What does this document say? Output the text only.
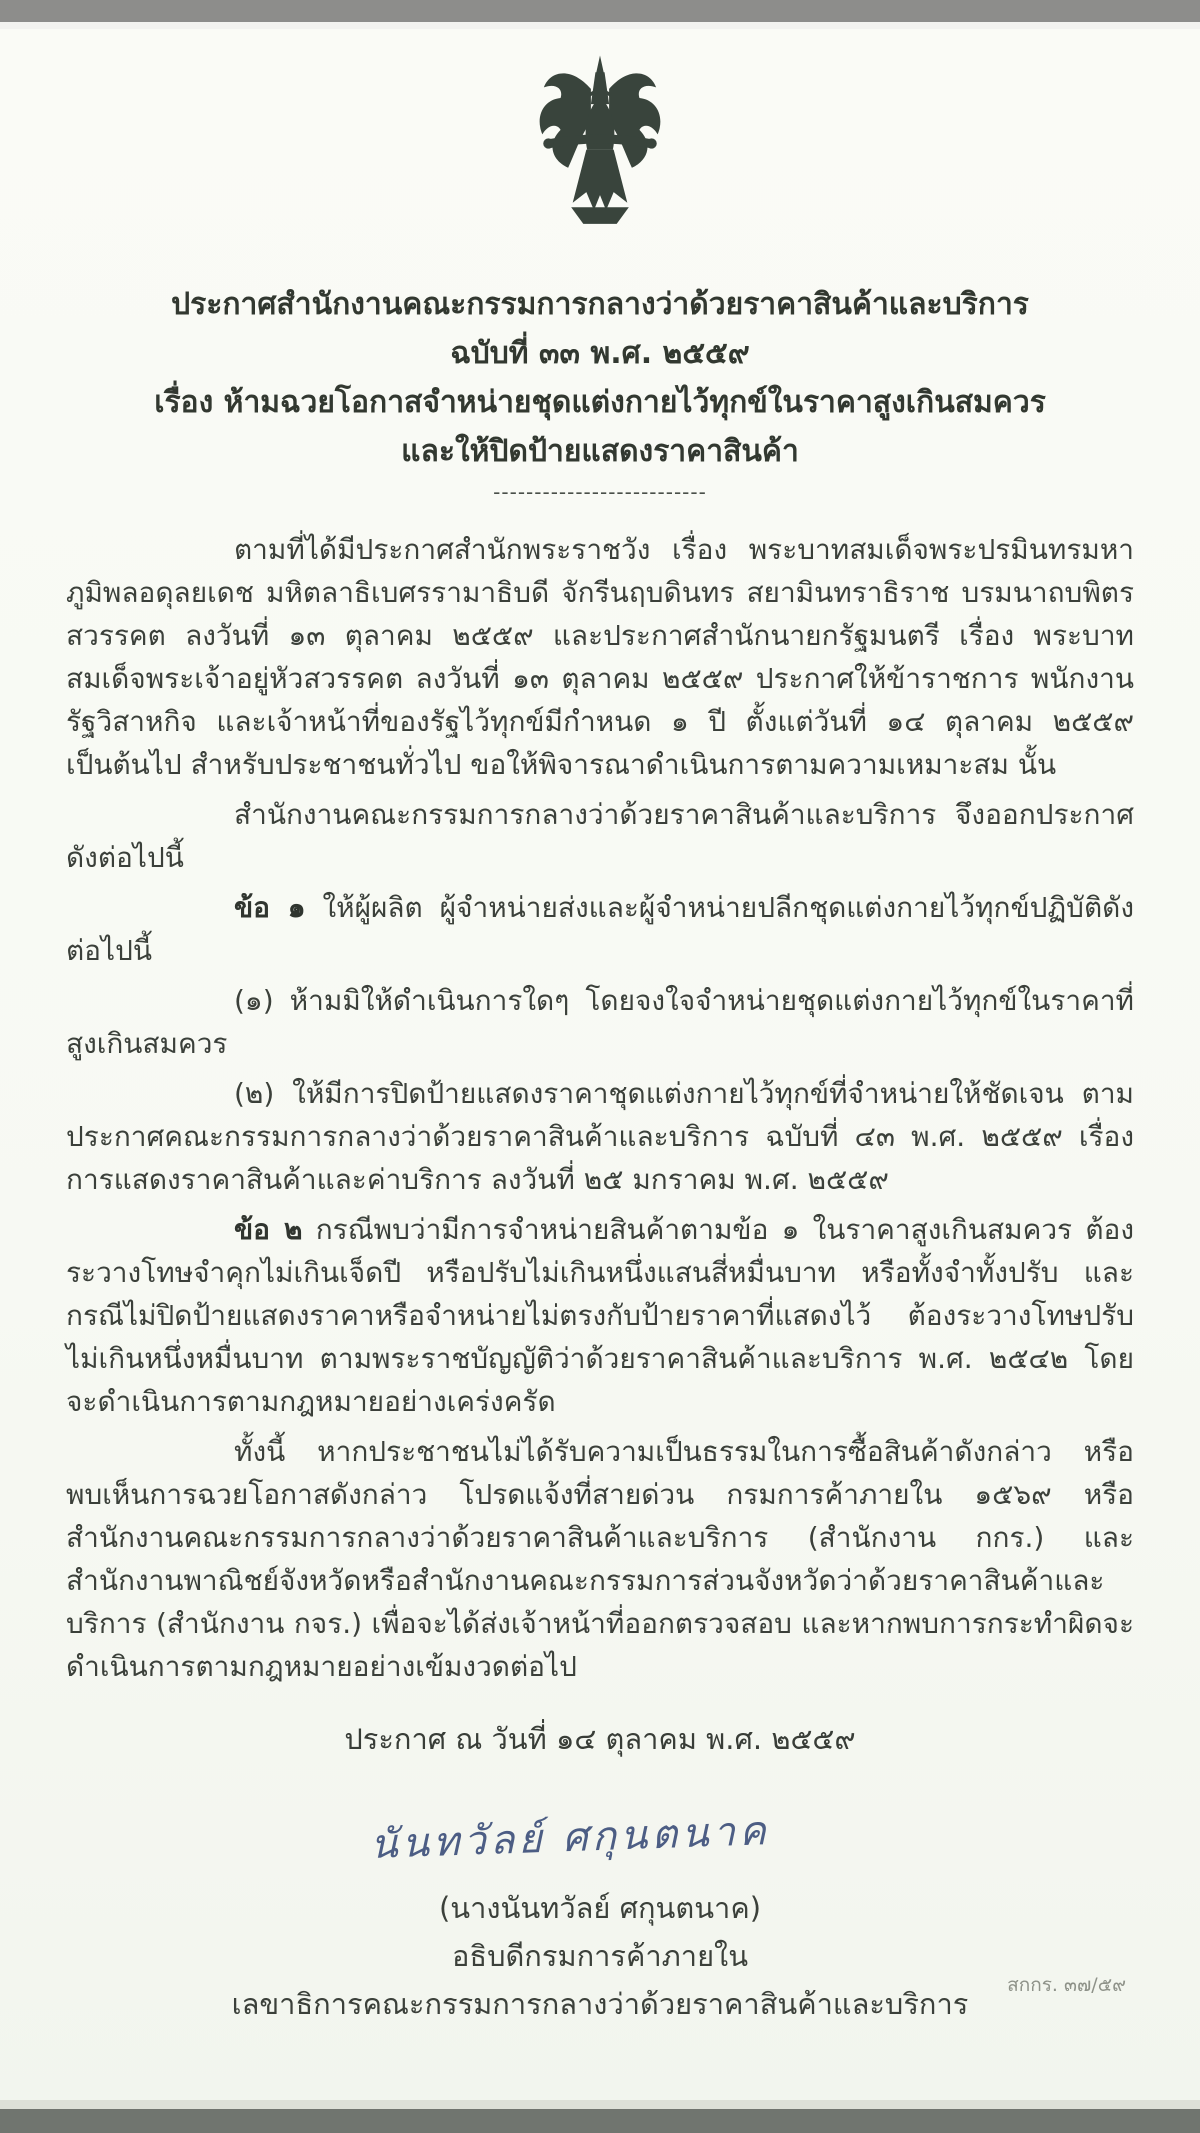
ประกาศสำนักงานคณะกรรมการกลางว่าด้วยราคาสินค้าและบริการ
ฉบับที่ ๓๓ พ.ศ. ๒๕๕๙
เรื่อง ห้ามฉวยโอกาสจำหน่ายชุดแต่งกายไว้ทุกข์ในราคาสูงเกินสมควร
และให้ปิดป้ายแสดงราคาสินค้า
--------------------------

ตามที่ได้มีประกาศสำนักพระราชวัง เรื่อง พระบาทสมเด็จพระปรมินทรมหาภูมิพลอดุลยเดช มหิตลาธิเบศรรามาธิบดี จักรีนฤบดินทร สยามินทราธิราช บรมนาถบพิตร สวรรคต ลงวันที่ ๑๓ ตุลาคม ๒๕๕๙ และประกาศสำนักนายกรัฐมนตรี เรื่อง พระบาทสมเด็จพระเจ้าอยู่หัวสวรรคต ลงวันที่ ๑๓ ตุลาคม ๒๕๕๙ ประกาศให้ข้าราชการ พนักงานรัฐวิสาหกิจ และเจ้าหน้าที่ของรัฐไว้ทุกข์มีกำหนด ๑ ปี ตั้งแต่วันที่ ๑๔ ตุลาคม ๒๕๕๙ เป็นต้นไป สำหรับประชาชนทั่วไป ขอให้พิจารณาดำเนินการตามความเหมาะสม นั้น

สำนักงานคณะกรรมการกลางว่าด้วยราคาสินค้าและบริการ จึงออกประกาศดังต่อไปนี้

ข้อ ๑ ให้ผู้ผลิต ผู้จำหน่ายส่งและผู้จำหน่ายปลีกชุดแต่งกายไว้ทุกข์ปฏิบัติดังต่อไปนี้

(๑) ห้ามมิให้ดำเนินการใดๆ โดยจงใจจำหน่ายชุดแต่งกายไว้ทุกข์ในราคาที่สูงเกินสมควร

(๒) ให้มีการปิดป้ายแสดงราคาชุดแต่งกายไว้ทุกข์ที่จำหน่ายให้ชัดเจน ตามประกาศคณะกรรมการกลางว่าด้วยราคาสินค้าและบริการ ฉบับที่ ๔๓ พ.ศ. ๒๕๕๙ เรื่อง การแสดงราคาสินค้าและค่าบริการ ลงวันที่ ๒๕ มกราคม พ.ศ. ๒๕๕๙

ข้อ ๒ กรณีพบว่ามีการจำหน่ายสินค้าตามข้อ ๑ ในราคาสูงเกินสมควร ต้องระวางโทษจำคุกไม่เกินเจ็ดปี หรือปรับไม่เกินหนึ่งแสนสี่หมื่นบาท หรือทั้งจำทั้งปรับ และกรณีไม่ปิดป้ายแสดงราคาหรือจำหน่ายไม่ตรงกับป้ายราคาที่แสดงไว้ ต้องระวางโทษปรับไม่เกินหนึ่งหมื่นบาท ตามพระราชบัญญัติว่าด้วยราคาสินค้าและบริการ พ.ศ. ๒๕๔๒ โดยจะดำเนินการตามกฎหมายอย่างเคร่งครัด

ทั้งนี้ หากประชาชนไม่ได้รับความเป็นธรรมในการซื้อสินค้าดังกล่าว หรือพบเห็นการฉวยโอกาสดังกล่าว โปรดแจ้งที่สายด่วน กรมการค้าภายใน ๑๕๖๙ หรือสำนักงานคณะกรรมการกลางว่าด้วยราคาสินค้าและบริการ (สำนักงาน กกร.) และสำนักงานพาณิชย์จังหวัดหรือสำนักงานคณะกรรมการส่วนจังหวัดว่าด้วยราคาสินค้าและบริการ (สำนักงาน กจร.) เพื่อจะได้ส่งเจ้าหน้าที่ออกตรวจสอบ และหากพบการกระทำผิดจะดำเนินการตามกฎหมายอย่างเข้มงวดต่อไป

ประกาศ ณ วันที่ ๑๔ ตุลาคม พ.ศ. ๒๕๕๙
นันทวัลย์ ศกุนตนาค
(นางนันทวัลย์ ศกุนตนาค)
อธิบดีกรมการค้าภายใน
เลขาธิการคณะกรรมการกลางว่าด้วยราคาสินค้าและบริการ
สกกร. ๓๗/๕๙
